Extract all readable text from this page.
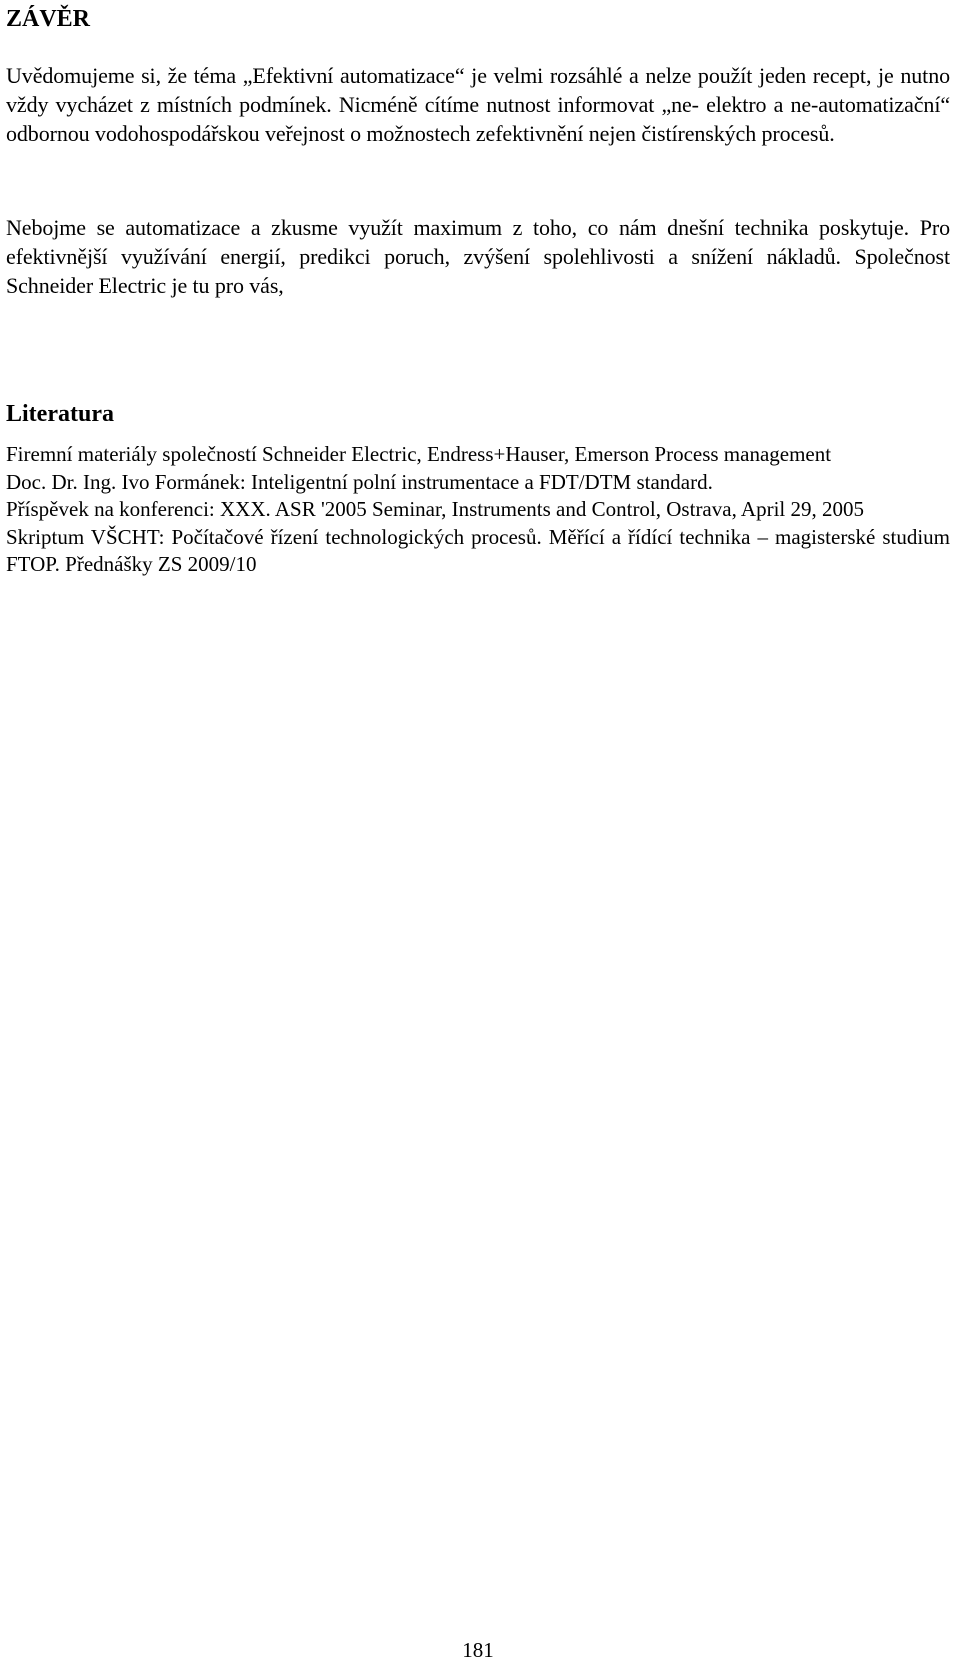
ZÁVĚR

Uvědomujeme si, že téma „Efektivní automatizace“ je velmi rozsáhlé a nelze použít jeden recept, je nutno vždy vycházet z místních podmínek. Nicméně cítíme nutnost informovat „ne- elektro a ne-automatizační“ odbornou vodohospodářskou veřejnost o možnostech zefektivnění nejen čistírenských procesů.

Nebojme se automatizace a zkusme využít maximum z toho, co nám dnešní technika poskytuje. Pro efektivnější využívání energií, predikci poruch, zvýšení spolehlivosti a snížení nákladů. Společnost Schneider Electric je tu pro vás,

Literatura
Firemní materiály společností Schneider Electric, Endress+Hauser, Emerson Process management
Doc. Dr. Ing. Ivo Formánek: Inteligentní polní instrumentace a FDT/DTM standard.
Příspěvek na konferenci: XXX. ASR '2005 Seminar, Instruments and Control, Ostrava, April 29, 2005
Skriptum VŠCHT: Počítačové řízení technologických procesů. Měřící a řídící technika – magisterské studium FTOP. Přednášky ZS 2009/10

181
